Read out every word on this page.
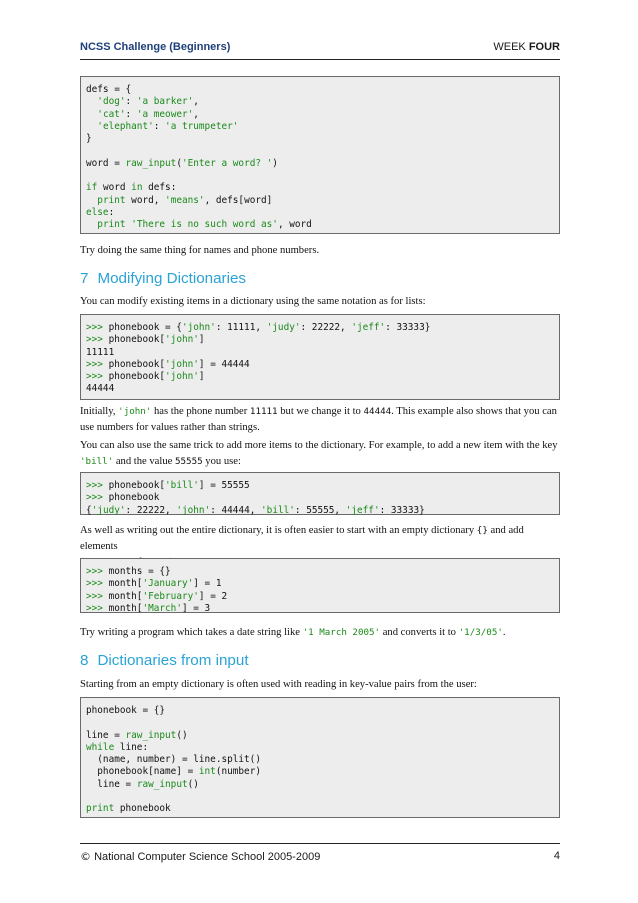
NCSS Challenge (Beginners)	WEEK FOUR
defs = {
'dog': 'a barker',
'cat': 'a meower',
'elephant': 'a trumpeter'
}
word = raw_input('Enter a word? ')
if word in defs:
print word, 'means', defs[word]
else:
print 'There is no such word as', word
Try doing the same thing for names and phone numbers.
7 Modifying Dictionaries
You can modify existing items in a dictionary using the same notation as for lists:
>>> phonebook = {'john': 11111, 'judy': 22222, 'jeff': 33333}
>>> phonebook['john']
11111
>>> phonebook['john'] = 44444
>>> phonebook['john']
44444
Initially, 'john' has the phone number 11111 but we change it to 44444. This example also shows that you can
use numbers for values rather than strings.
You can also use the same trick to add more items to the dictionary. For example, to add a new item with the key
'bill' and the value 55555 you use:
>>> phonebook['bill'] = 55555
>>> phonebook
{'judy': 22222, 'john': 44444, 'bill': 55555, 'jeff': 33333}
As well as writing out the entire dictionary, it is often easier to start with an empty dictionary {} and add elements
>>> months = {}
>>> month['January'] = 1
>>> month['February'] = 2
>>> month['March'] = 3
Try writing a program which takes a date string like '1 March 2005' and converts it to '1/3/05'.
8 Dictionaries from input
Starting from an empty dictionary is often used with reading in key-value pairs from the user:
phonebook = {}
line = raw_input()
while line:
(name, number) = line.split()
phonebook[name] = int(number)
line = raw_input()
print phonebook
© National Computer Science School 2005-2009	4
